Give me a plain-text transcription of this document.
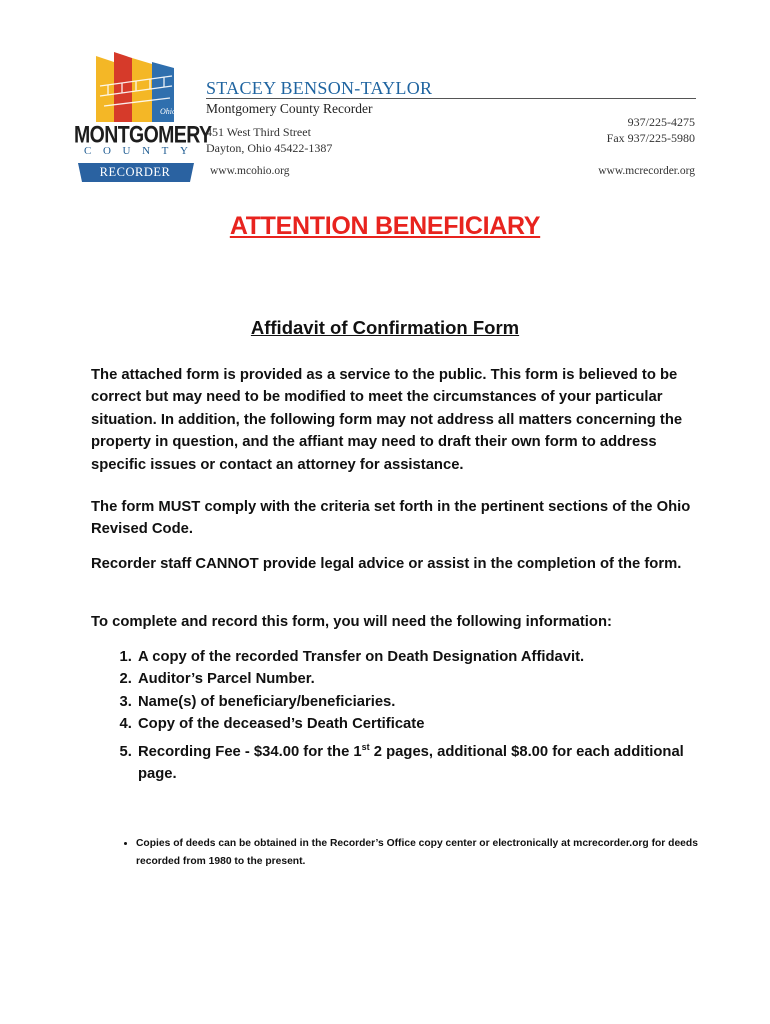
Ohio
MONTGOMERY
C O U N T Y
RECORDER
STACEY BENSON-TAYLOR
Montgomery County Recorder
451 West Third Street
Dayton, Ohio 45422-1387
937/225-4275
Fax 937/225-5980
www.mcohio.org	www.mcrecorder.org
ATTENTION BENEFICIARY
Affidavit of Confirmation Form
The attached form is provided as a service to the public. This form is believed to be correct but may need to be modified to meet the circumstances of your particular situation. In addition, the following form may not address all matters concerning the property in question, and the affiant may need to draft their own form to address specific issues or contact an attorney for assistance.
The form MUST comply with the criteria set forth in the pertinent sections of the Ohio Revised Code.
Recorder staff CANNOT provide legal advice or assist in the completion of the form.
To complete and record this form, you will need the following information:
1. A copy of the recorded Transfer on Death Designation Affidavit.
2. Auditor’s Parcel Number.
3. Name(s) of beneficiary/beneficiaries.
4. Copy of the deceased’s Death Certificate
5. Recording Fee - $34.00 for the 1st 2 pages, additional $8.00 for each additional page.
• Copies of deeds can be obtained in the Recorder’s Office copy center or electronically at mcrecorder.org for deeds recorded from 1980 to the present.
